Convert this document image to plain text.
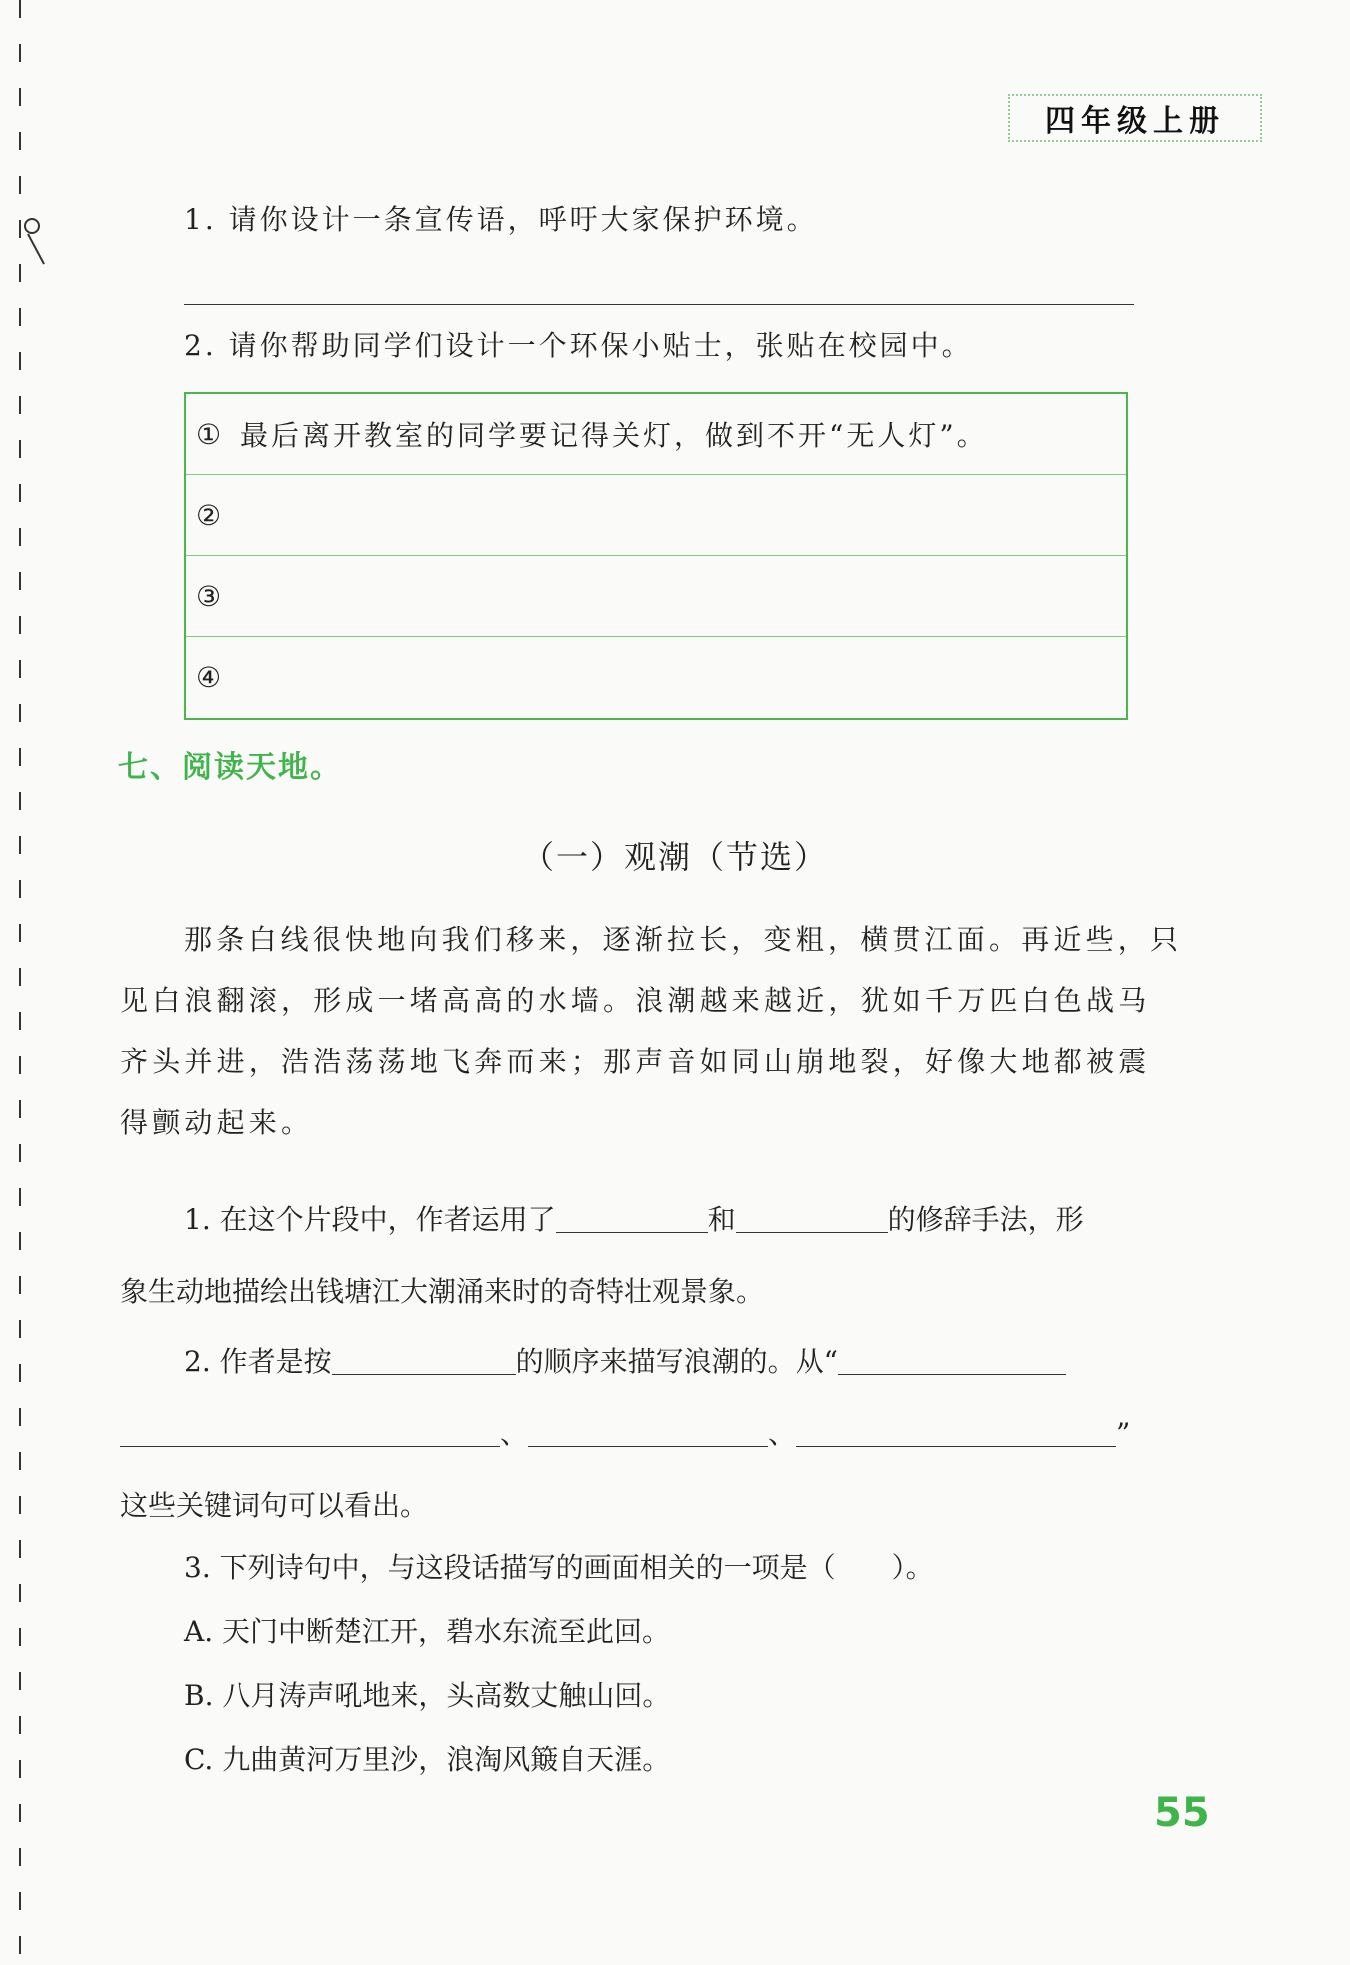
四年级上册
1. 请你设计一条宣传语，呼吁大家保护环境。
2. 请你帮助同学们设计一个环保小贴士，张贴在校园中。
① 最后离开教室的同学要记得关灯，做到不开“无人灯”。
②
③
④
七、阅读天地。
（一）观潮（节选）
那条白线很快地向我们移来，逐渐拉长，变粗，横贯江面。再近些，只
见白浪翻滚，形成一堵高高的水墙。浪潮越来越近，犹如千万匹白色战马
齐头并进，浩浩荡荡地飞奔而来；那声音如同山崩地裂，好像大地都被震
得颤动起来。
1. 在这个片段中，作者运用了	和	的修辞手法，形
象生动地描绘出钱塘江大潮涌来时的奇特壮观景象。
2. 作者是按	的顺序来描写浪潮的。从“
、	、	”
这些关键词句可以看出。
3. 下列诗句中，与这段话描写的画面相关的一项是（　　）。
A. 天门中断楚江开，碧水东流至此回。
B. 八月涛声吼地来，头高数丈触山回。
C. 九曲黄河万里沙，浪淘风簸自天涯。
55
